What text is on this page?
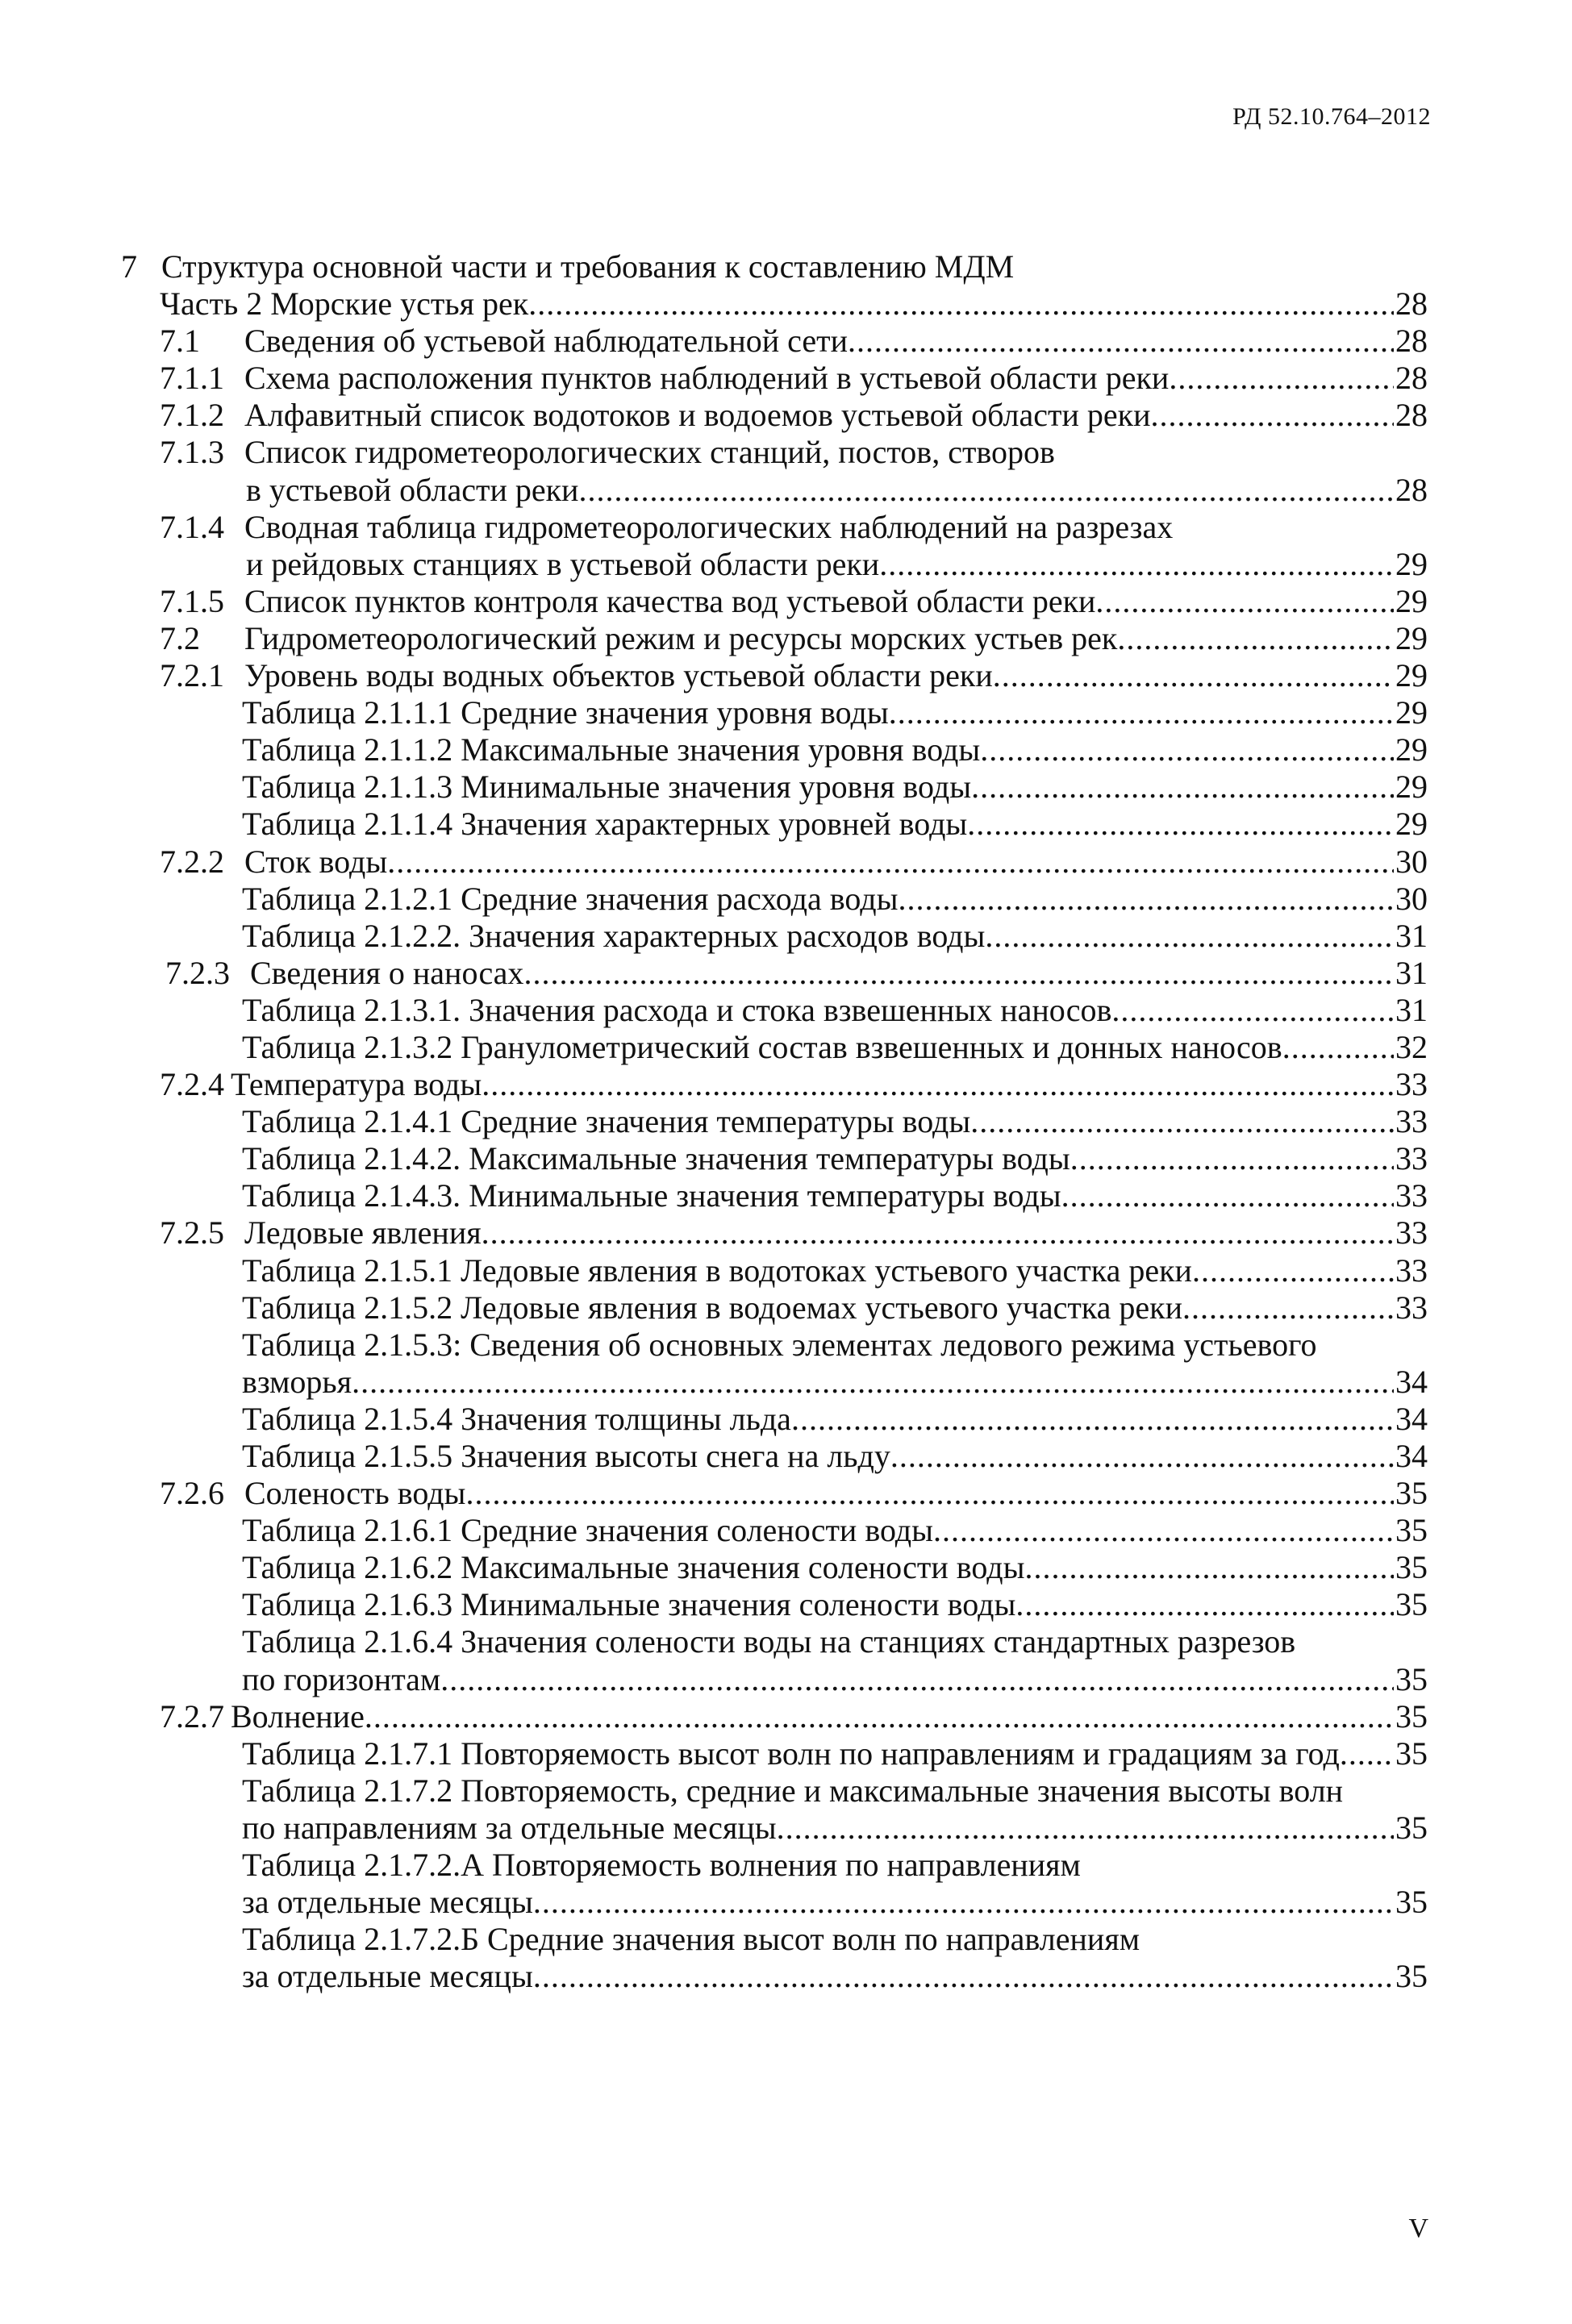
РД 52.10.764–2012
7 Структура основной части и требования к составлению МДМ
Часть 2 Морские устья рек .....	28
7.1	Сведения об устьевой наблюдательной сети .....	28
7.1.1 Схема расположения пунктов наблюдений в устьевой области реки .....	28
7.1.2 Алфавитный список водотоков и водоемов устьевой области реки .....	28
7.1.3 Список гидрометеорологических станций, постов, створов
в устьевой области реки .....	28
7.1.4 Сводная таблица гидрометеорологических наблюдений на разрезах
и рейдовых станциях в устьевой области реки .....	29
7.1.5 Список пунктов контроля качества вод устьевой области реки .....	29
7.2	Гидрометеорологический режим и ресурсы морских устьев рек .....	29
7.2.1 Уровень воды водных объектов устьевой области реки .....	29
Таблица 2.1.1.1 Средние значения уровня воды .....	29
Таблица 2.1.1.2 Максимальные значения уровня воды .....	29
Таблица 2.1.1.3 Минимальные значения уровня воды .....	29
Таблица 2.1.1.4 Значения характерных уровней воды .....	29
7.2.2 Сток воды .....	30
Таблица 2.1.2.1 Средние значения расхода воды .....	30
Таблица 2.1.2.2. Значения характерных расходов воды .....	31
7.2.3 Сведения о наносах .....	31
Таблица 2.1.3.1. Значения расхода и стока взвешенных наносов .....	31
Таблица 2.1.3.2 Гранулометрический состав взвешенных и донных наносов .....	32
7.2.4 Температура воды .....	33
Таблица 2.1.4.1 Средние значения температуры воды .....	33
Таблица 2.1.4.2. Максимальные значения температуры воды .....	33
Таблица 2.1.4.3. Минимальные значения температуры воды .....	33
7.2.5 Ледовые явления .....	33
Таблица 2.1.5.1 Ледовые явления в водотоках устьевого участка реки .....	33
Таблица 2.1.5.2 Ледовые явления в водоемах устьевого участка реки .....	33
Таблица 2.1.5.3: Сведения об основных элементах ледового режима устьевого
взморья .....	34
Таблица 2.1.5.4 Значения толщины льда .....	34
Таблица 2.1.5.5 Значения высоты снега на льду .....	34
7.2.6 Соленость воды .....	35
Таблица 2.1.6.1 Средние значения солености воды .....	35
Таблица 2.1.6.2 Максимальные значения солености воды .....	35
Таблица 2.1.6.3 Минимальные значения солености воды .....	35
Таблица 2.1.6.4 Значения солености воды на станциях стандартных разрезов
по горизонтам .....	35
7.2.7 Волнение .....	35
Таблица 2.1.7.1 Повторяемость высот волн по направлениям и градациям за год ..... 35
Таблица 2.1.7.2 Повторяемость, средние и максимальные значения высоты волн
по направлениям за отдельные месяцы .....	35
Таблица 2.1.7.2.А Повторяемость волнения по направлениям
за отдельные месяцы .....	35
Таблица 2.1.7.2.Б Средние значения высот волн по направлениям
за отдельные месяцы .....	35
V
